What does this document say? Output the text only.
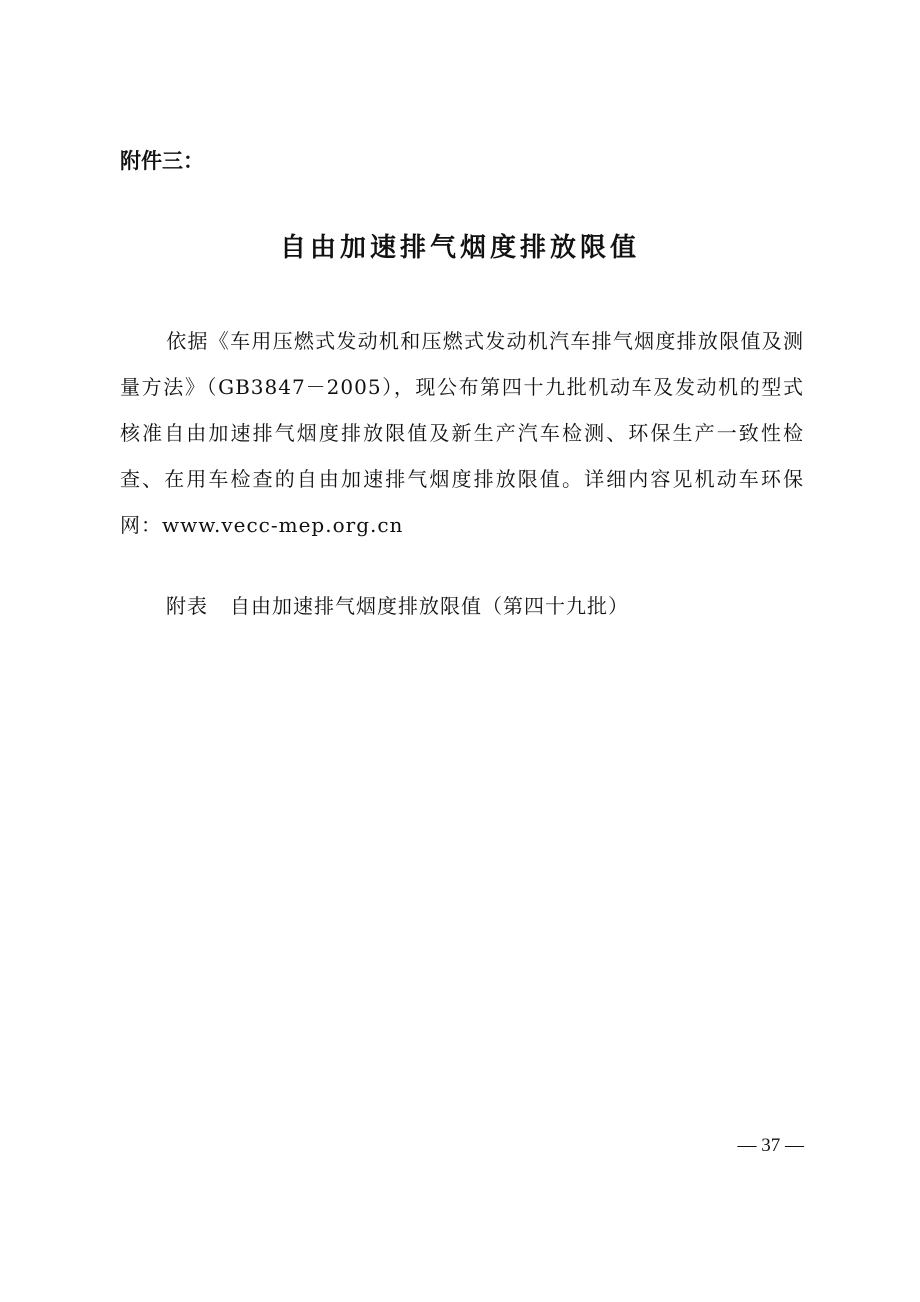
附件三：
自由加速排气烟度排放限值

依据《车用压燃式发动机和压燃式发动机汽车排气烟度排放限值及测量方法》（GB3847－2005），现公布第四十九批机动车及发动机的型式核准自由加速排气烟度排放限值及新生产汽车检测、环保生产一致性检查、在用车检查的自由加速排气烟度排放限值。详细内容见机动车环保网：www.vecc-mep.org.cn

附表 自由加速排气烟度排放限值（第四十九批）
— 37 —
